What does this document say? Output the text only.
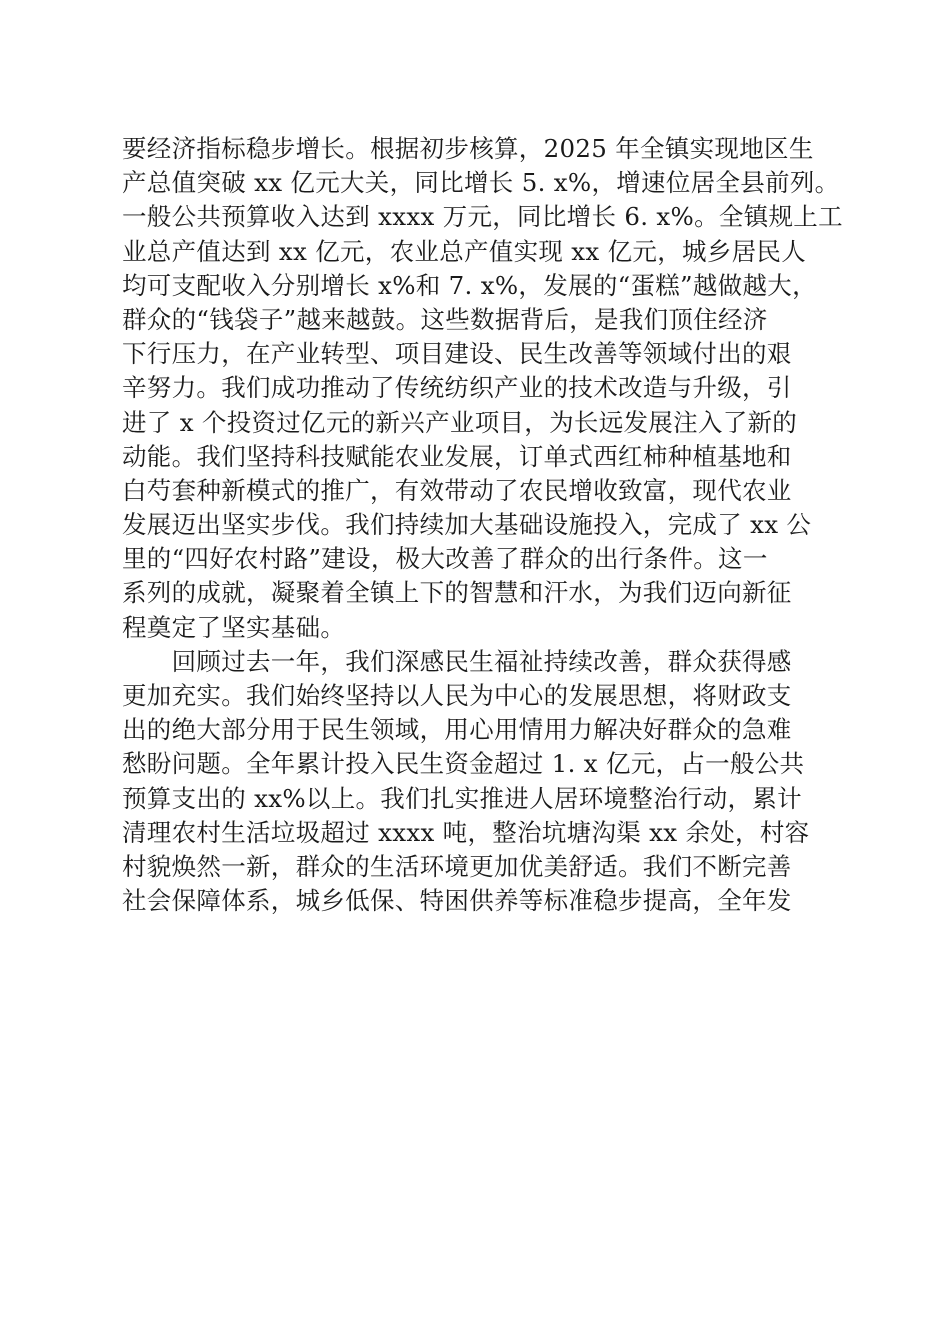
要经济指标稳步增长。根据初步核算，2025 年全镇实现地区生
产总值突破 xx 亿元大关，同比增长 5. x%，增速位居全县前列。
一般公共预算收入达到 xxxx 万元，同比增长 6. x%。全镇规上工
业总产值达到 xx 亿元，农业总产值实现 xx 亿元，城乡居民人
均可支配收入分别增长 x%和 7. x%，发展的“蛋糕”越做越大，
群众的“钱袋子”越来越鼓。这些数据背后，是我们顶住经济
下行压力，在产业转型、项目建设、民生改善等领域付出的艰
辛努力。我们成功推动了传统纺织产业的技术改造与升级，引
进了 x 个投资过亿元的新兴产业项目，为长远发展注入了新的
动能。我们坚持科技赋能农业发展，订单式西红柿种植基地和
白芍套种新模式的推广，有效带动了农民增收致富，现代农业
发展迈出坚实步伐。我们持续加大基础设施投入，完成了 xx 公
里的“四好农村路”建设，极大改善了群众的出行条件。这一
系列的成就，凝聚着全镇上下的智慧和汗水，为我们迈向新征
程奠定了坚实基础。
　　回顾过去一年，我们深感民生福祉持续改善，群众获得感
更加充实。我们始终坚持以人民为中心的发展思想，将财政支
出的绝大部分用于民生领域，用心用情用力解决好群众的急难
愁盼问题。全年累计投入民生资金超过 1. x 亿元，占一般公共
预算支出的 xx%以上。我们扎实推进人居环境整治行动，累计
清理农村生活垃圾超过 xxxx 吨，整治坑塘沟渠 xx 余处，村容
村貌焕然一新，群众的生活环境更加优美舒适。我们不断完善
社会保障体系，城乡低保、特困供养等标准稳步提高，全年发
